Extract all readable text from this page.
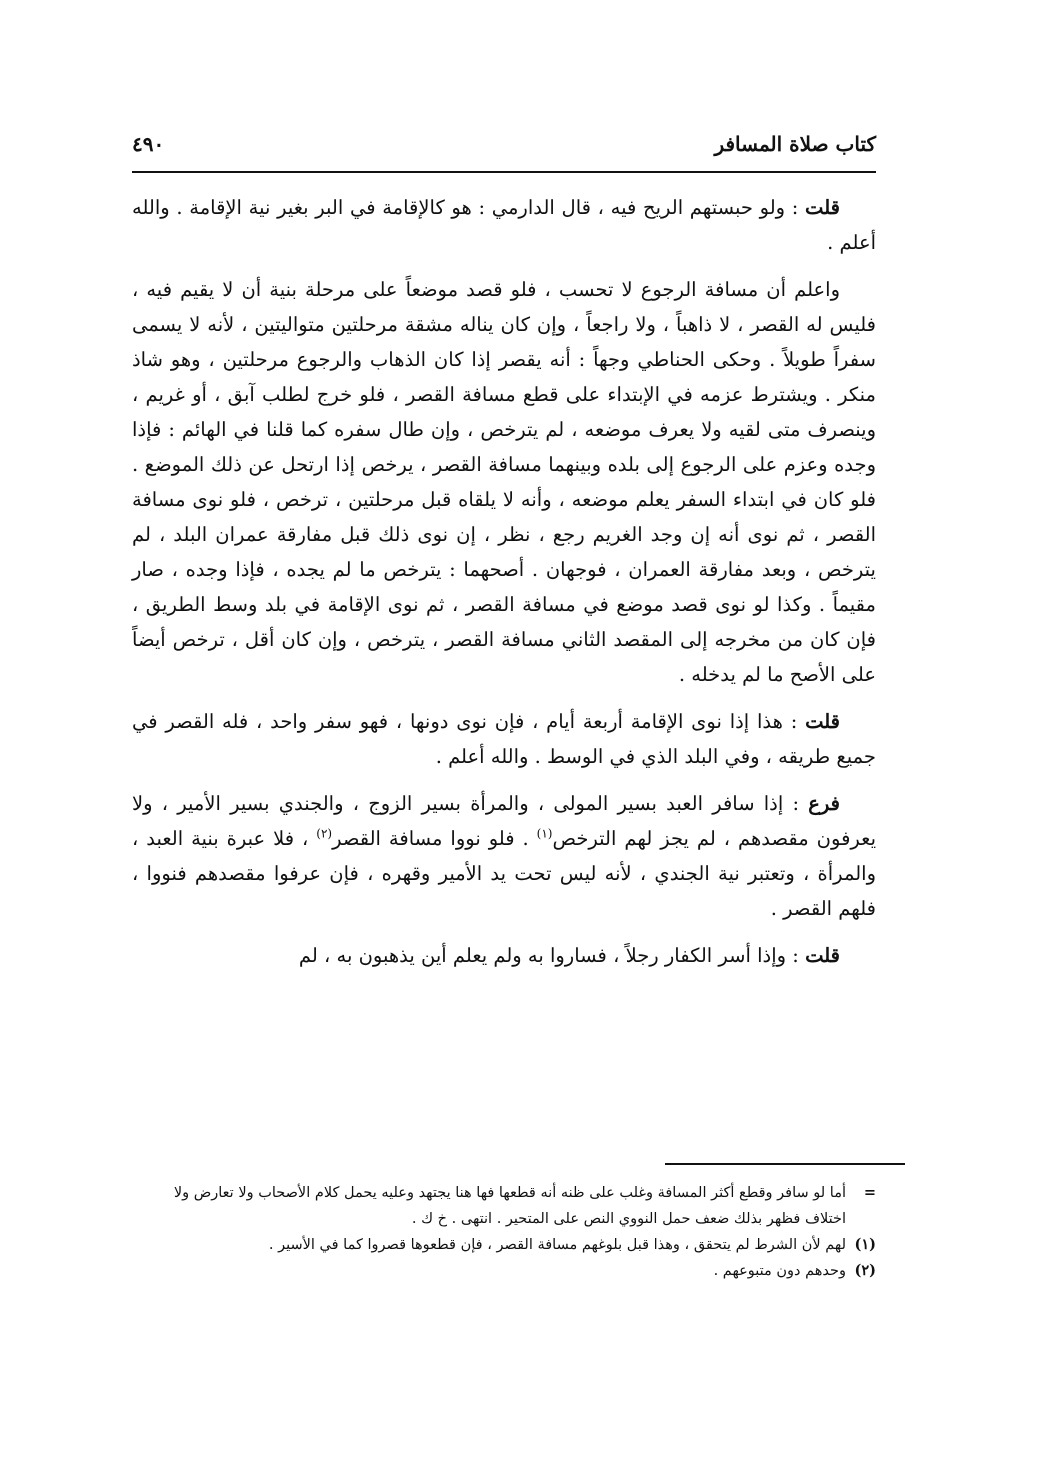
كتاب صلاة المسافر
٤٩٠

قلت : ولو حبستهم الريح فيه ، قال الدارمي : هو كالإقامة في البر بغير نية الإقامة . والله أعلم .

واعلم أن مسافة الرجوع لا تحسب ، فلو قصد موضعاً على مرحلة بنية أن لا يقيم فيه ، فليس له القصر ، لا ذاهباً ، ولا راجعاً ، وإن كان يناله مشقة مرحلتين متواليتين ، لأنه لا يسمى سفراً طويلاً . وحكى الحناطي وجهاً : أنه يقصر إذا كان الذهاب والرجوع مرحلتين ، وهو شاذ منكر . ويشترط عزمه في الإبتداء على قطع مسافة القصر ، فلو خرج لطلب آبق ، أو غريم ، وينصرف متى لقيه ولا يعرف موضعه ، لم يترخص ، وإن طال سفره كما قلنا في الهائم : فإذا وجده وعزم على الرجوع إلى بلده وبينهما مسافة القصر ، يرخص إذا ارتحل عن ذلك الموضع . فلو كان في ابتداء السفر يعلم موضعه ، وأنه لا يلقاه قبل مرحلتين ، ترخص ، فلو نوى مسافة القصر ، ثم نوى أنه إن وجد الغريم رجع ، نظر ، إن نوى ذلك قبل مفارقة عمران البلد ، لم يترخص ، وبعد مفارقة العمران ، فوجهان . أصحهما : يترخص ما لم يجده ، فإذا وجده ، صار مقيماً . وكذا لو نوى قصد موضع في مسافة القصر ، ثم نوى الإقامة في بلد وسط الطريق ، فإن كان من مخرجه إلى المقصد الثاني مسافة القصر ، يترخص ، وإن كان أقل ، ترخص أيضاً على الأصح ما لم يدخله .

قلت : هذا إذا نوى الإقامة أربعة أيام ، فإن نوى دونها ، فهو سفر واحد ، فله القصر في جميع طريقه ، وفي البلد الذي في الوسط . والله أعلم .

فرع : إذا سافر العبد بسير المولى ، والمرأة بسير الزوج ، والجندي بسير الأمير ، ولا يعرفون مقصدهم ، لم يجز لهم الترخص$^{(١)}$ . فلو نووا مسافة القصر$^{(٢)}$ ، فلا عبرة بنية العبد ، والمرأة ، وتعتبر نية الجندي ، لأنه ليس تحت يد الأمير وقهره ، فإن عرفوا مقصدهم فنووا ، فلهم القصر .

قلت : وإذا أسر الكفار رجلاً ، فساروا به ولم يعلم أين يذهبون به ، لم

=
أما لو سافر وقطع أكثر المسافة وغلب على ظنه أنه قطعها فها هنا يجتهد وعليه يحمل كلام الأصحاب ولا تعارض ولا اختلاف فظهر بذلك ضعف حمل النووي النص على المتحير . انتهى . خ ك .

(١)
لهم لأن الشرط لم يتحقق ، وهذا قبل بلوغهم مسافة القصر ، فإن قطعوها قصروا كما في الأسير .

(٢)
وحدهم دون متبوعهم .
